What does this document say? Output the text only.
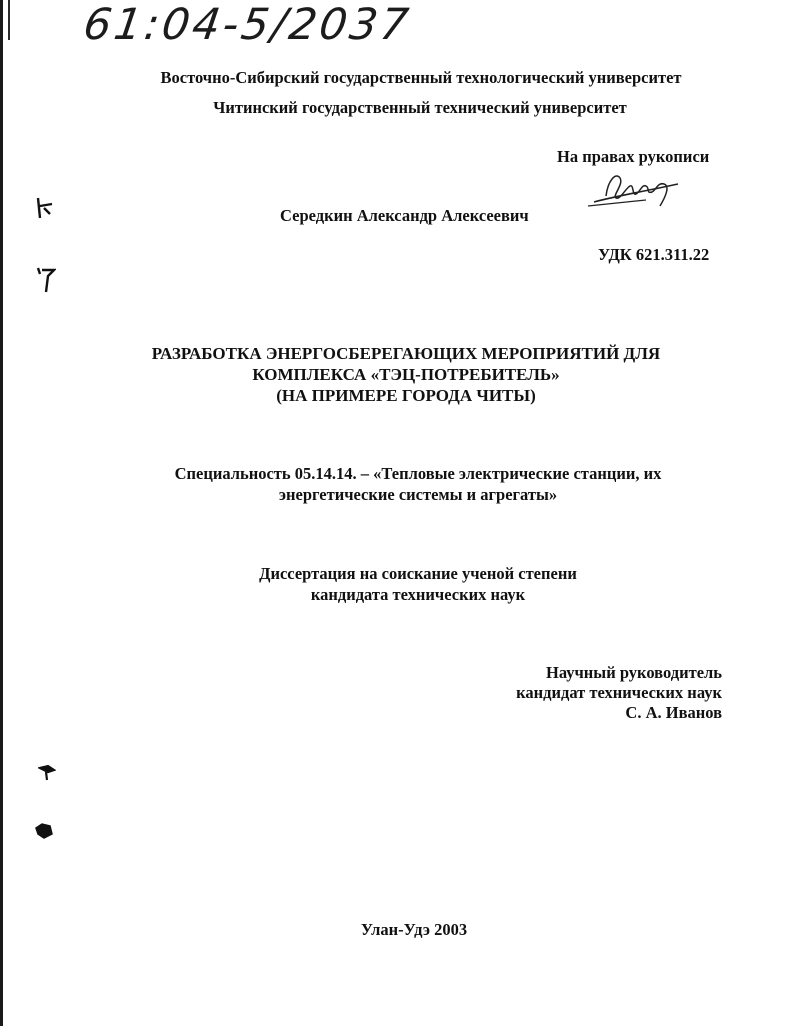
61:04-5/2037
Восточно-Сибирский государственный технологический университет
Читинский государственный технический университет
На правах рукописи
Середкин Александр Алексеевич
УДК 621.311.22
РАЗРАБОТКА ЭНЕРГОСБЕРЕГАЮЩИХ МЕРОПРИЯТИЙ ДЛЯ
КОМПЛЕКСА «ТЭЦ-ПОТРЕБИТЕЛЬ»
(НА ПРИМЕРЕ ГОРОДА ЧИТЫ)
Специальность 05.14.14. – «Тепловые электрические станции, их
энергетические системы и агрегаты»
Диссертация на соискание ученой степени
кандидата технических наук
Научный руководитель
кандидат технических наук
С. А. Иванов
Улан-Удэ 2003
